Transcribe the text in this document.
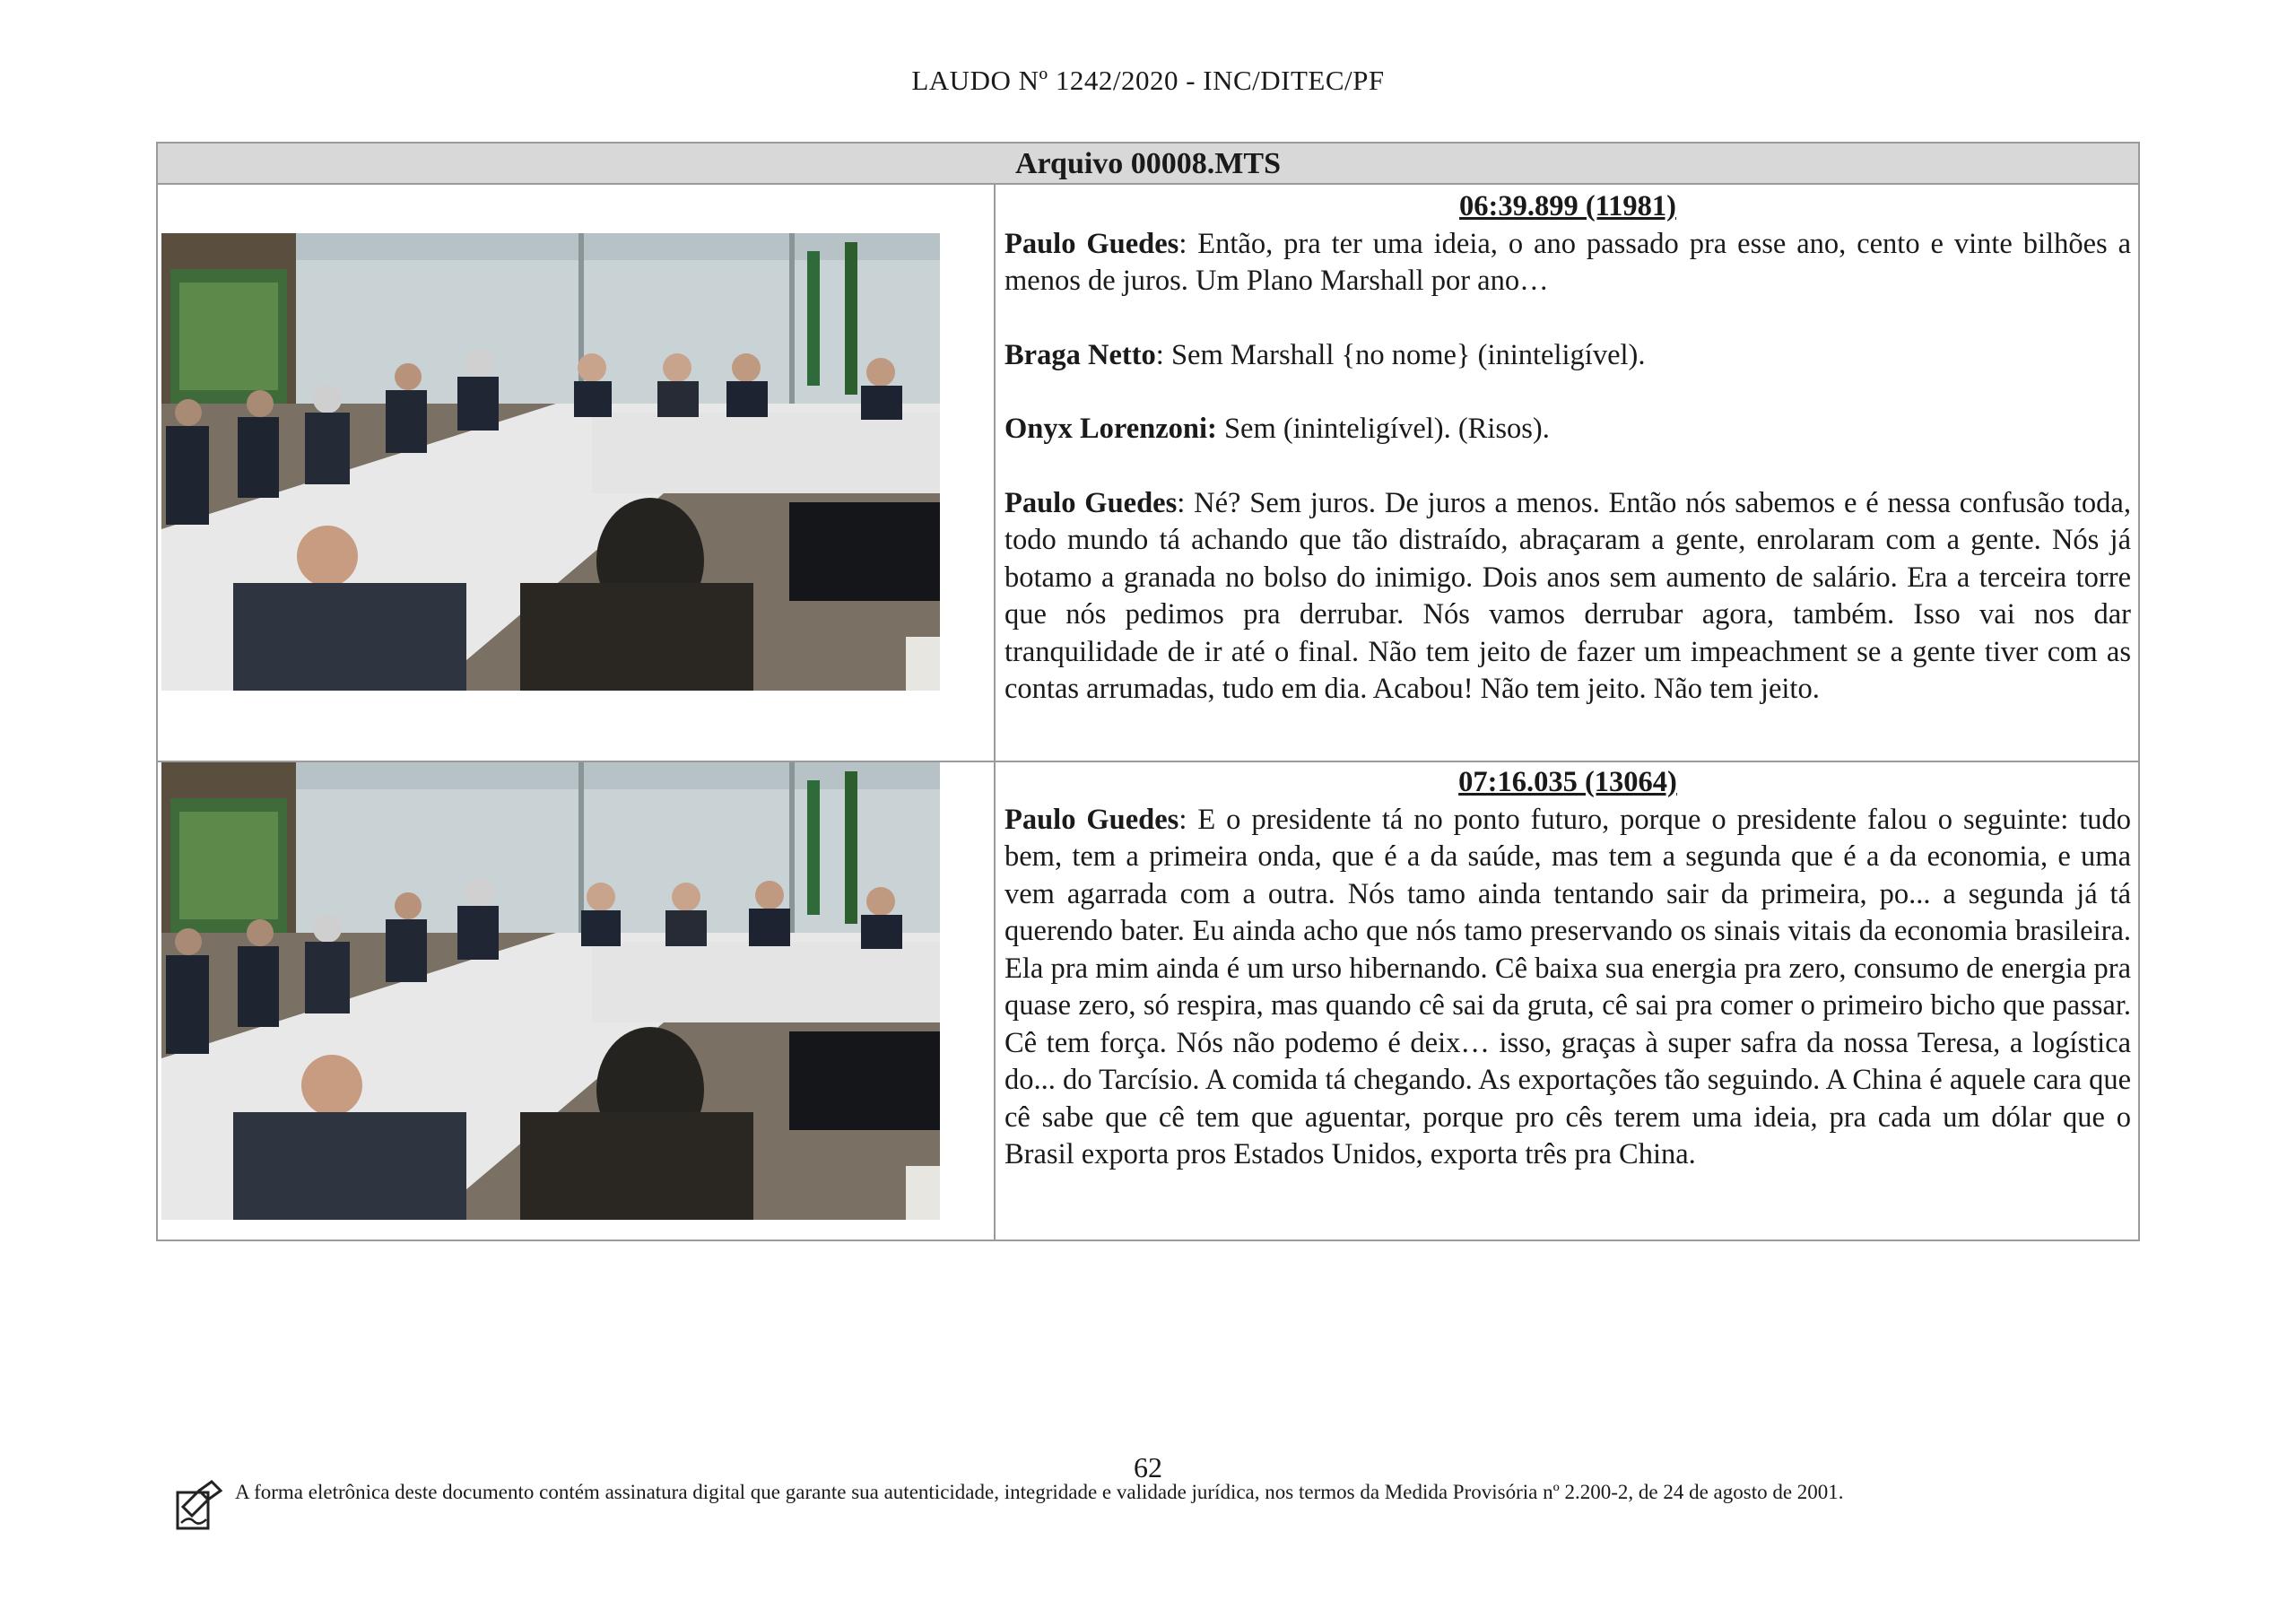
LAUDO Nº 1242/2020 - INC/DITEC/PF
Arquivo 00008.MTS
06:39.899 (11981)

Paulo Guedes: Então, pra ter uma ideia, o ano passado pra esse ano, cento e vinte bilhões a menos de juros. Um Plano Marshall por ano…

Braga Netto: Sem Marshall {no nome} (ininteligível).

Onyx Lorenzoni: Sem (ininteligível). (Risos).

Paulo Guedes: Né? Sem juros. De juros a menos. Então nós sabemos e é nessa confusão toda, todo mundo tá achando que tão distraído, abraçaram a gente, enrolaram com a gente. Nós já botamo a granada no bolso do inimigo. Dois anos sem aumento de salário. Era a terceira torre que nós pedimos pra derrubar. Nós vamos derrubar agora, também. Isso vai nos dar tranquilidade de ir até o final. Não tem jeito de fazer um impeachment se a gente tiver com as contas arrumadas, tudo em dia. Acabou! Não tem jeito. Não tem jeito.

07:16.035 (13064)

Paulo Guedes: E o presidente tá no ponto futuro, porque o presidente falou o seguinte: tudo bem, tem a primeira onda, que é a da saúde, mas tem a segunda que é a da economia, e uma vem agarrada com a outra. Nós tamo ainda tentando sair da primeira, po... a segunda já tá querendo bater. Eu ainda acho que nós tamo preservando os sinais vitais da economia brasileira. Ela pra mim ainda é um urso hibernando. Cê baixa sua energia pra zero, consumo de energia pra quase zero, só respira, mas quando cê sai da gruta, cê sai pra comer o primeiro bicho que passar. Cê tem força. Nós não podemo é deix… isso, graças à super safra da nossa Teresa, a logística do... do Tarcísio. A comida tá chegando. As exportações tão seguindo. A China é aquele cara que cê sabe que cê tem que aguentar, porque pro cês terem uma ideia, pra cada um dólar que o Brasil exporta pros Estados Unidos, exporta três pra China.

62
A forma eletrônica deste documento contém assinatura digital que garante sua autenticidade, integridade e validade jurídica, nos termos da Medida Provisória nº 2.200-2, de 24 de agosto de 2001.
